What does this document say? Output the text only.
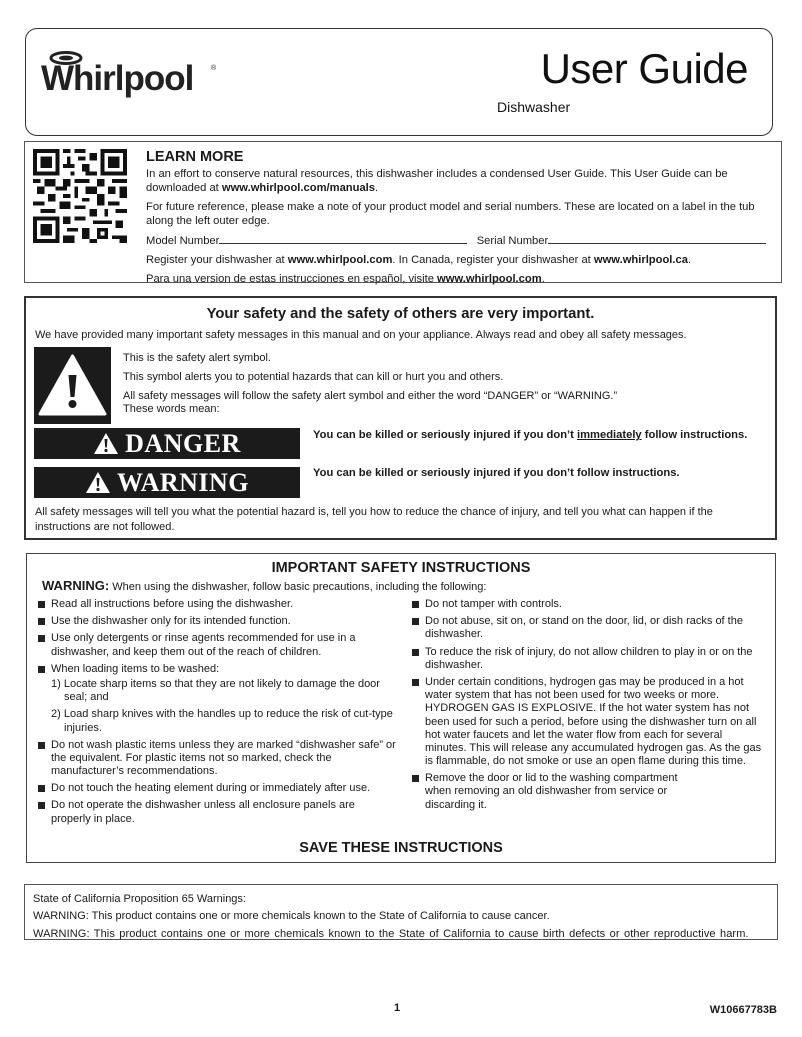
Whirlpool	®	User Guide
Dishwasher
LEARN MORE

In an effort to conserve natural resources, this dishwasher includes a condensed User Guide. This User Guide can be downloaded at www.whirlpool.com/manuals.

For future reference, please make a note of your product model and serial numbers. These are located on a label in the tub along the left outer edge.

Model Number	Serial Number

Register your dishwasher at www.whirlpool.com. In Canada, register your dishwasher at www.whirlpool.ca.

Para una version de estas instrucciones en español, visite www.whirlpool.com.

Your safety and the safety of others are very important.
We have provided many important safety messages in this manual and on your appliance. Always read and obey all safety messages.

This is the safety alert symbol.

This symbol alerts you to potential hazards that can kill or hurt you and others.

All safety messages will follow the safety alert symbol and either the word “DANGER” or “WARNING.”

These words mean:

DANGER	You can be killed or seriously injured if you don’t immediately follow instructions.
WARNING	You can be killed or seriously injured if you don’t follow instructions.
All safety messages will tell you what the potential hazard is, tell you how to reduce the chance of injury, and tell you what can happen if the instructions are not followed.
IMPORTANT SAFETY INSTRUCTIONS
WARNING: When using the dishwasher, follow basic precautions, including the following:
Read all instructions before using the dishwasher.
Use the dishwasher only for its intended function.
Use only detergents or rinse agents recommended for use in a dishwasher, and keep them out of the reach of children.
When loading items to be washed:
1) Locate sharp items so that they are not likely to damage the door seal; and
2) Load sharp knives with the handles up to reduce the risk of cut-type injuries.
Do not wash plastic items unless they are marked “dishwasher safe” or the equivalent. For plastic items not so marked, check the manufacturer’s recommendations.
Do not touch the heating element during or immediately after use.
Do not operate the dishwasher unless all enclosure panels are properly in place.
Do not tamper with controls.
Do not abuse, sit on, or stand on the door, lid, or dish racks of the dishwasher.
To reduce the risk of injury, do not allow children to play in or on the dishwasher.
Under certain conditions, hydrogen gas may be produced in a hot water system that has not been used for two weeks or more. HYDROGEN GAS IS EXPLOSIVE. If the hot water system has not been used for such a period, before using the dishwasher turn on all hot water faucets and let the water flow from each for several minutes. This will release any accumulated hydrogen gas. As the gas is flammable, do not smoke or use an open flame during this time.
Remove the door or lid to the washing compartment when removing an old dishwasher from service or discarding it.
SAVE THESE INSTRUCTIONS

State of California Proposition 65 Warnings:

WARNING: This product contains one or more chemicals known to the State of California to cause cancer.

WARNING: This product contains one or more chemicals known to the State of California to cause birth defects or other reproductive harm.

1	W10667783B
